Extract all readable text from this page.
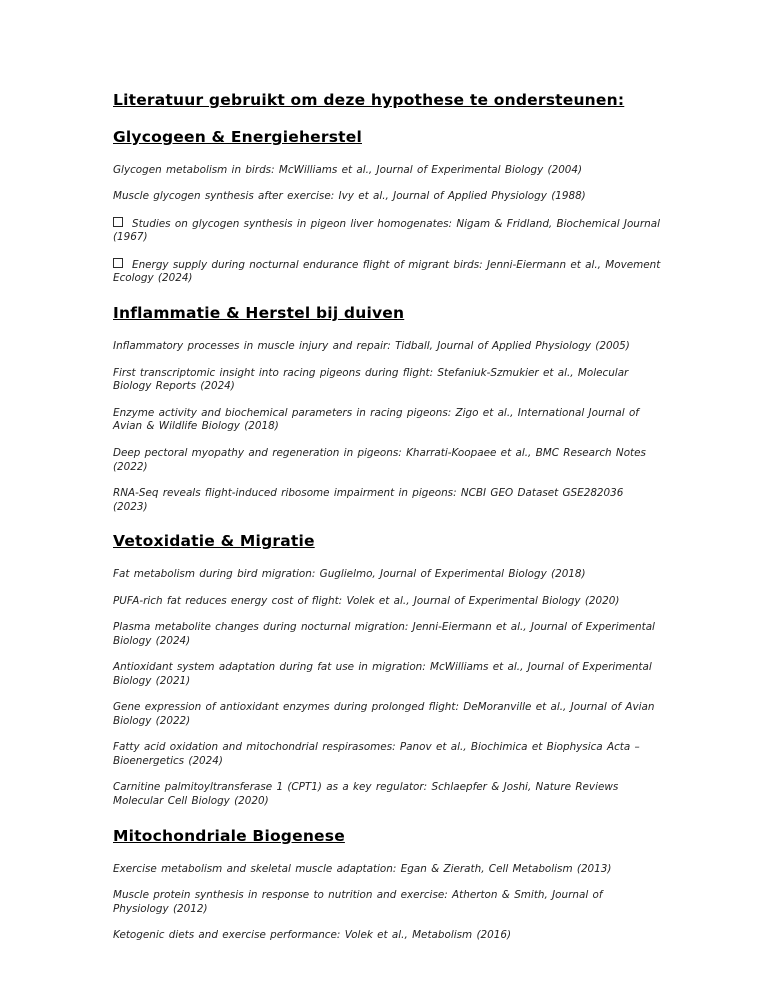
Literatuur gebruikt om deze hypothese te ondersteunen:
Glycogeen & Energieherstel

Glycogen metabolism in birds: McWilliams et al., Journal of Experimental Biology (2004)

Muscle glycogen synthesis after exercise: Ivy et al., Journal of Applied Physiology (1988)

Studies on glycogen synthesis in pigeon liver homogenates: Nigam & Fridland, Biochemical Journal (1967)

Energy supply during nocturnal endurance flight of migrant birds: Jenni-Eiermann et al., Movement Ecology (2024)

Inflammatie & Herstel bij duiven

Inflammatory processes in muscle injury and repair: Tidball, Journal of Applied Physiology (2005)

First transcriptomic insight into racing pigeons during flight: Stefaniuk-Szmukier et al., Molecular Biology Reports (2024)

Enzyme activity and biochemical parameters in racing pigeons: Zigo et al., International Journal of Avian & Wildlife Biology (2018)

Deep pectoral myopathy and regeneration in pigeons: Kharrati-Koopaee et al., BMC Research Notes (2022)

RNA-Seq reveals flight-induced ribosome impairment in pigeons: NCBI GEO Dataset GSE282036 (2023)

Vetoxidatie & Migratie

Fat metabolism during bird migration: Guglielmo, Journal of Experimental Biology (2018)

PUFA-rich fat reduces energy cost of flight: Volek et al., Journal of Experimental Biology (2020)

Plasma metabolite changes during nocturnal migration: Jenni-Eiermann et al., Journal of Experimental Biology (2024)

Antioxidant system adaptation during fat use in migration: McWilliams et al., Journal of Experimental Biology (2021)

Gene expression of antioxidant enzymes during prolonged flight: DeMoranville et al., Journal of Avian Biology (2022)

Fatty acid oxidation and mitochondrial respirasomes: Panov et al., Biochimica et Biophysica Acta – Bioenergetics (2024)

Carnitine palmitoyltransferase 1 (CPT1) as a key regulator: Schlaepfer & Joshi, Nature Reviews Molecular Cell Biology (2020)

Mitochondriale Biogenese

Exercise metabolism and skeletal muscle adaptation: Egan & Zierath, Cell Metabolism (2013)

Muscle protein synthesis in response to nutrition and exercise: Atherton & Smith, Journal of Physiology (2012)

Ketogenic diets and exercise performance: Volek et al., Metabolism (2016)
